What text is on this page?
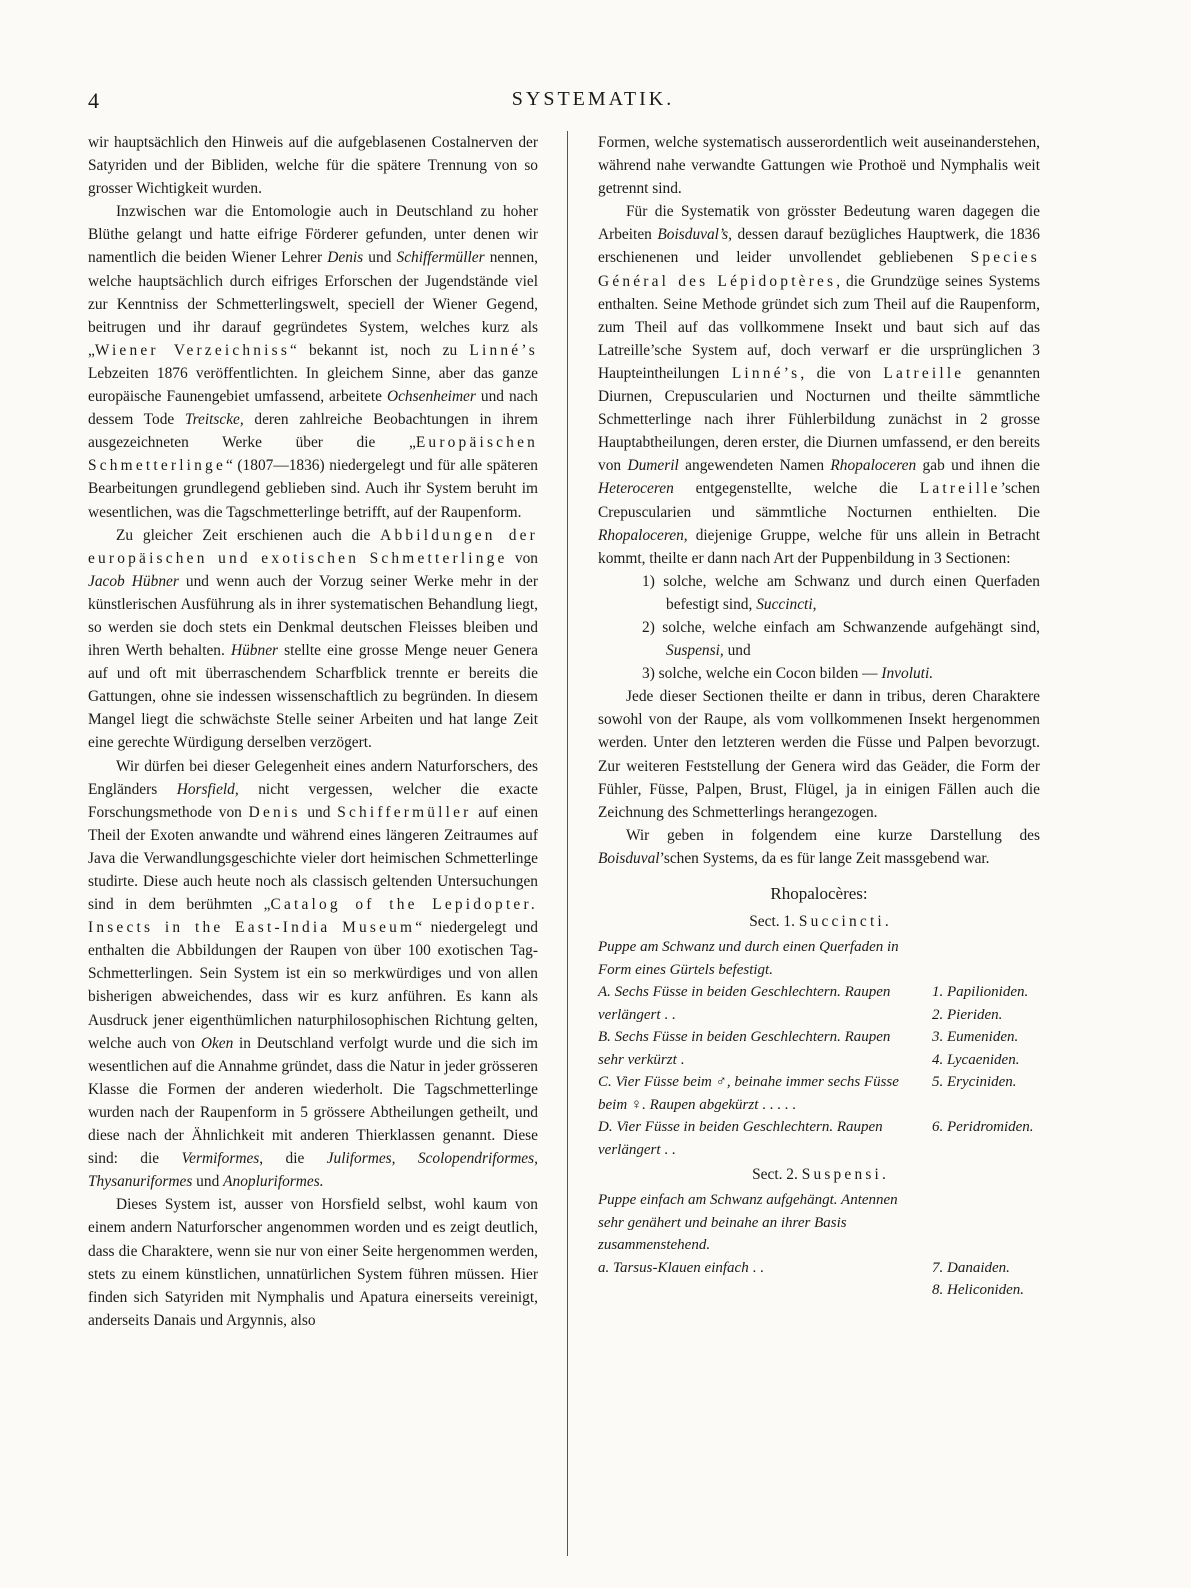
4	SYSTEMATIK.

wir hauptsächlich den Hinweis auf die aufgeblasenen Costalnerven der Satyriden und der Bibliden, welche für die spätere Trennung von so grosser Wichtigkeit wurden.

Inzwischen war die Entomologie auch in Deutschland zu hoher Blüthe gelangt und hatte eifrige Förderer gefunden, unter denen wir namentlich die beiden Wiener Lehrer Denis und Schiffermüller nennen, welche hauptsächlich durch eifriges Erforschen der Jugendstände viel zur Kenntniss der Schmetterlingswelt, speciell der Wiener Gegend, beitrugen und ihr darauf gegründetes System, welches kurz als „Wiener Verzeichniss“ bekannt ist, noch zu Linné’s Lebzeiten 1876 veröffentlichten. In gleichem Sinne, aber das ganze europäische Faunengebiet umfassend, arbeitete Ochsenheimer und nach dessem Tode Treitscke, deren zahlreiche Beobachtungen in ihrem ausgezeichneten Werke über die „Europäischen Schmetterlinge“ (1807—1836) niedergelegt und für alle späteren Bearbeitungen grundlegend geblieben sind. Auch ihr System beruht im wesentlichen, was die Tagschmetterlinge betrifft, auf der Raupenform.

Zu gleicher Zeit erschienen auch die Abbildungen der europäischen und exotischen Schmetterlinge von Jacob Hübner und wenn auch der Vorzug seiner Werke mehr in der künstlerischen Ausführung als in ihrer systematischen Behandlung liegt, so werden sie doch stets ein Denkmal deutschen Fleisses bleiben und ihren Werth behalten. Hübner stellte eine grosse Menge neuer Genera auf und oft mit überraschendem Scharfblick trennte er bereits die Gattungen, ohne sie indessen wissenschaftlich zu begründen. In diesem Mangel liegt die schwächste Stelle seiner Arbeiten und hat lange Zeit eine gerechte Würdigung derselben verzögert.

Wir dürfen bei dieser Gelegenheit eines andern Naturforschers, des Engländers Horsfield, nicht vergessen, welcher die exacte Forschungsmethode von Denis und Schiffermüller auf einen Theil der Exoten anwandte und während eines längeren Zeitraumes auf Java die Verwandlungsgeschichte vieler dort heimischen Schmetterlinge studirte. Diese auch heute noch als classisch geltenden Untersuchungen sind in dem berühmten „Catalog of the Lepidopter. Insects in the East-India Museum“ niedergelegt und enthalten die Abbildungen der Raupen von über 100 exotischen Tag-Schmetterlingen. Sein System ist ein so merkwürdiges und von allen bisherigen abweichendes, dass wir es kurz anführen. Es kann als Ausdruck jener eigenthümlichen naturphilosophischen Richtung gelten, welche auch von Oken in Deutschland verfolgt wurde und die sich im wesentlichen auf die Annahme gründet, dass die Natur in jeder grösseren Klasse die Formen der anderen wiederholt. Die Tagschmetterlinge wurden nach der Raupenform in 5 grössere Abtheilungen getheilt, und diese nach der Ähnlichkeit mit anderen Thierklassen genannt. Diese sind: die Vermiformes, die Juliformes, Scolopendriformes, Thysanuriformes und Anopluriformes.

Dieses System ist, ausser von Horsfield selbst, wohl kaum von einem andern Naturforscher angenommen worden und es zeigt deutlich, dass die Charaktere, wenn sie nur von einer Seite hergenommen werden, stets zu einem künstlichen, unnatürlichen System führen müssen. Hier finden sich Satyriden mit Nymphalis und Apatura einerseits vereinigt, anderseits Danais und Argynnis, also

Formen, welche systematisch ausserordentlich weit auseinanderstehen, während nahe verwandte Gattungen wie Prothoë und Nymphalis weit getrennt sind.

Für die Systematik von grösster Bedeutung waren dagegen die Arbeiten Boisduval’s, dessen darauf bezügliches Hauptwerk, die 1836 erschienenen und leider unvollendet gebliebenen Species Général des Lépidoptères, die Grundzüge seines Systems enthalten. Seine Methode gründet sich zum Theil auf die Raupenform, zum Theil auf das vollkommene Insekt und baut sich auf das Latreille’sche System auf, doch verwarf er die ursprünglichen 3 Haupteintheilungen Linné’s, die von Latreille genannten Diurnen, Crepuscularien und Nocturnen und theilte sämmtliche Schmetterlinge nach ihrer Fühlerbildung zunächst in 2 grosse Hauptabtheilungen, deren erster, die Diurnen umfassend, er den bereits von Dumeril angewendeten Namen Rhopaloceren gab und ihnen die Heteroceren entgegenstellte, welche die Latreille’schen Crepuscularien und sämmtliche Nocturnen enthielten. Die Rhopaloceren, diejenige Gruppe, welche für uns allein in Betracht kommt, theilte er dann nach Art der Puppenbildung in 3 Sectionen:

1) solche, welche am Schwanz und durch einen Querfaden befestigt sind, Succincti,
2) solche, welche einfach am Schwanzende aufgehängt sind, Suspensi, und
3) solche, welche ein Cocon bilden — Involuti.

Jede dieser Sectionen theilte er dann in tribus, deren Charaktere sowohl von der Raupe, als vom vollkommenen Insekt hergenommen werden. Unter den letzteren werden die Füsse und Palpen bevorzugt. Zur weiteren Feststellung der Genera wird das Geäder, die Form der Fühler, Füsse, Palpen, Brust, Flügel, ja in einigen Fällen auch die Zeichnung des Schmetterlings herangezogen.

Wir geben in folgendem eine kurze Darstellung des Boisduval’schen Systems, da es für lange Zeit massgebend war.

Rhopalocères:
Sect. 1. Succincti.
Puppe am Schwanz und durch einen Querfaden in Form eines Gürtels befestigt.	
A. Sechs Füsse in beiden Geschlechtern. Raupen verlängert . .	1. Papilioniden.
2. Pieriden.

B. Sechs Füsse in beiden Geschlechtern. Raupen sehr verkürzt .	3. Eumeniden.
4. Lycaeniden.

C. Vier Füsse beim ♂, beinahe immer sechs Füsse beim ♀. Raupen abgekürzt . . . . .	5. Eryciniden.

D. Vier Füsse in beiden Geschlechtern. Raupen verlängert . .	6. Peridromiden.
Sect. 2. Suspensi.
Puppe einfach am Schwanz aufgehängt. Antennen sehr genähert und beinahe an ihrer Basis zusammenstehend.	
a. Tarsus-Klauen einfach . .	7. Danaiden.
8. Heliconiden.
